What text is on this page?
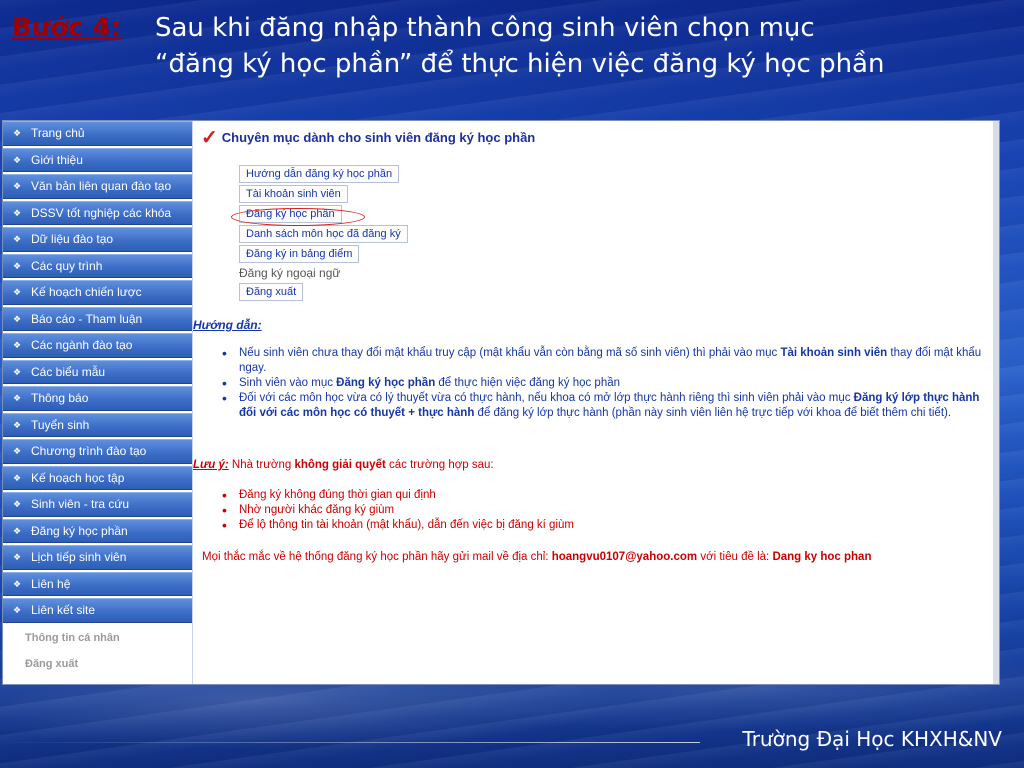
Bước 4: Sau khi đăng nhập thành công sinh viên chọn mục
“đăng ký học phần” để thực hiện việc đăng ký học phần
❖ Trang chủ
❖ Giới thiệu
❖ Văn bản liên quan đào tạo
❖ DSSV tốt nghiệp các khóa
❖ Dữ liệu đào tạo
❖ Các quy trình
❖ Kế hoạch chiến lược
❖ Báo cáo - Tham luận
❖ Các ngành đào tạo
❖ Các biểu mẫu
❖ Thông báo
❖ Tuyển sinh
❖ Chương trình đào tạo
❖ Kế hoạch học tập
❖ Sinh viên - tra cứu
❖ Đăng ký học phần
❖ Lịch tiếp sinh viên
❖ Liên hệ
❖ Liên kết site
Thông tin cá nhân
Đăng xuất
✓ Chuyên mục dành cho sinh viên đăng ký học phần
Hướng dẫn đăng ký học phần
Tài khoản sinh viên
Đăng ký học phần
Danh sách môn học đã đăng ký
Đăng ký in bảng điểm
Đăng ký ngoại ngữ
Đăng xuất
Hướng dẫn:
• Nếu sinh viên chưa thay đổi mật khẩu truy cập (mật khẩu vẫn còn bằng mã số sinh viên) thì phải vào mục Tài khoản sinh viên thay đổi mật khẩu ngay.
• Sinh viên vào mục Đăng ký học phần để thực hiện việc đăng ký học phần
• Đối với các môn học vừa có lý thuyết vừa có thực hành, nếu khoa có mở lớp thực hành riêng thì sinh viên phải vào mục Đăng ký lớp thực hành đối với các môn học có thuyết + thực hành để đăng ký lớp thực hành (phần này sinh viên liên hệ trực tiếp với khoa để biết thêm chi tiết).
Lưu ý: Nhà trường không giải quyết các trường hợp sau:
• Đăng ký không đúng thời gian qui định
• Nhờ người khác đăng ký giùm
• Để lộ thông tin tài khoản (mật khẩu), dẫn đến việc bị đăng kí giùm
Mọi thắc mắc về hệ thống đăng ký học phần hãy gửi mail về địa chỉ: hoangvu0107@yahoo.com với tiêu đề là: Dang ky hoc phan
Trường Đại Học KHXH&NV
